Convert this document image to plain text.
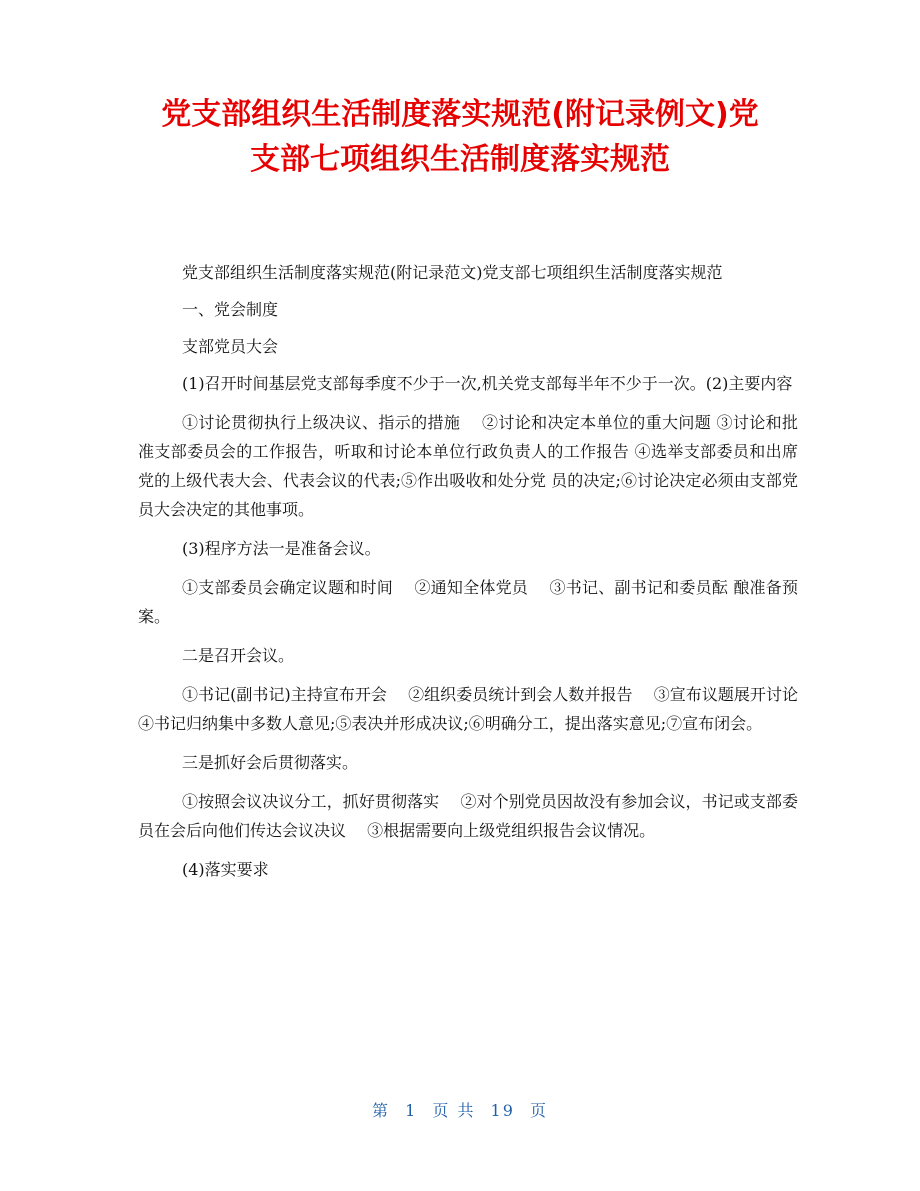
党支部组织生活制度落实规范(附记录例文)党
支部七项组织生活制度落实规范

党支部组织生活制度落实规范(附记录范文)党支部七项组织生活制度落实规范

一、党会制度

支部党员大会

(1)召开时间基层党支部每季度不少于一次,机关党支部每半年不少于一次。(2)主要内容

①讨论贯彻执行上级决议、指示的措施　 ②讨论和决定本单位的重大问题 ③讨论和批准支部委员会的工作报告，听取和讨论本单位行政负责人的工作报告 ④选举支部委员和出席党的上级代表大会、代表会议的代表;⑤作出吸收和处分党 员的决定;⑥讨论决定必须由支部党员大会决定的其他事项。

(3)程序方法一是准备会议。

①支部委员会确定议题和时间　 ②通知全体党员　 ③书记、副书记和委员酝 酿准备预案。

二是召开会议。

①书记(副书记)主持宣布开会　 ②组织委员统计到会人数并报告　 ③宣布议题展开讨论　 ④书记归纳集中多数人意见;⑤表决并形成决议;⑥明确分工，提出落实意见;⑦宣布闭会。

三是抓好会后贯彻落实。

①按照会议决议分工，抓好贯彻落实　 ②对个别党员因故没有参加会议，书记或支部委员在会后向他们传达会议决议　 ③根据需要向上级党组织报告会议情况。

(4)落实要求

第 1 页 共 19 页
